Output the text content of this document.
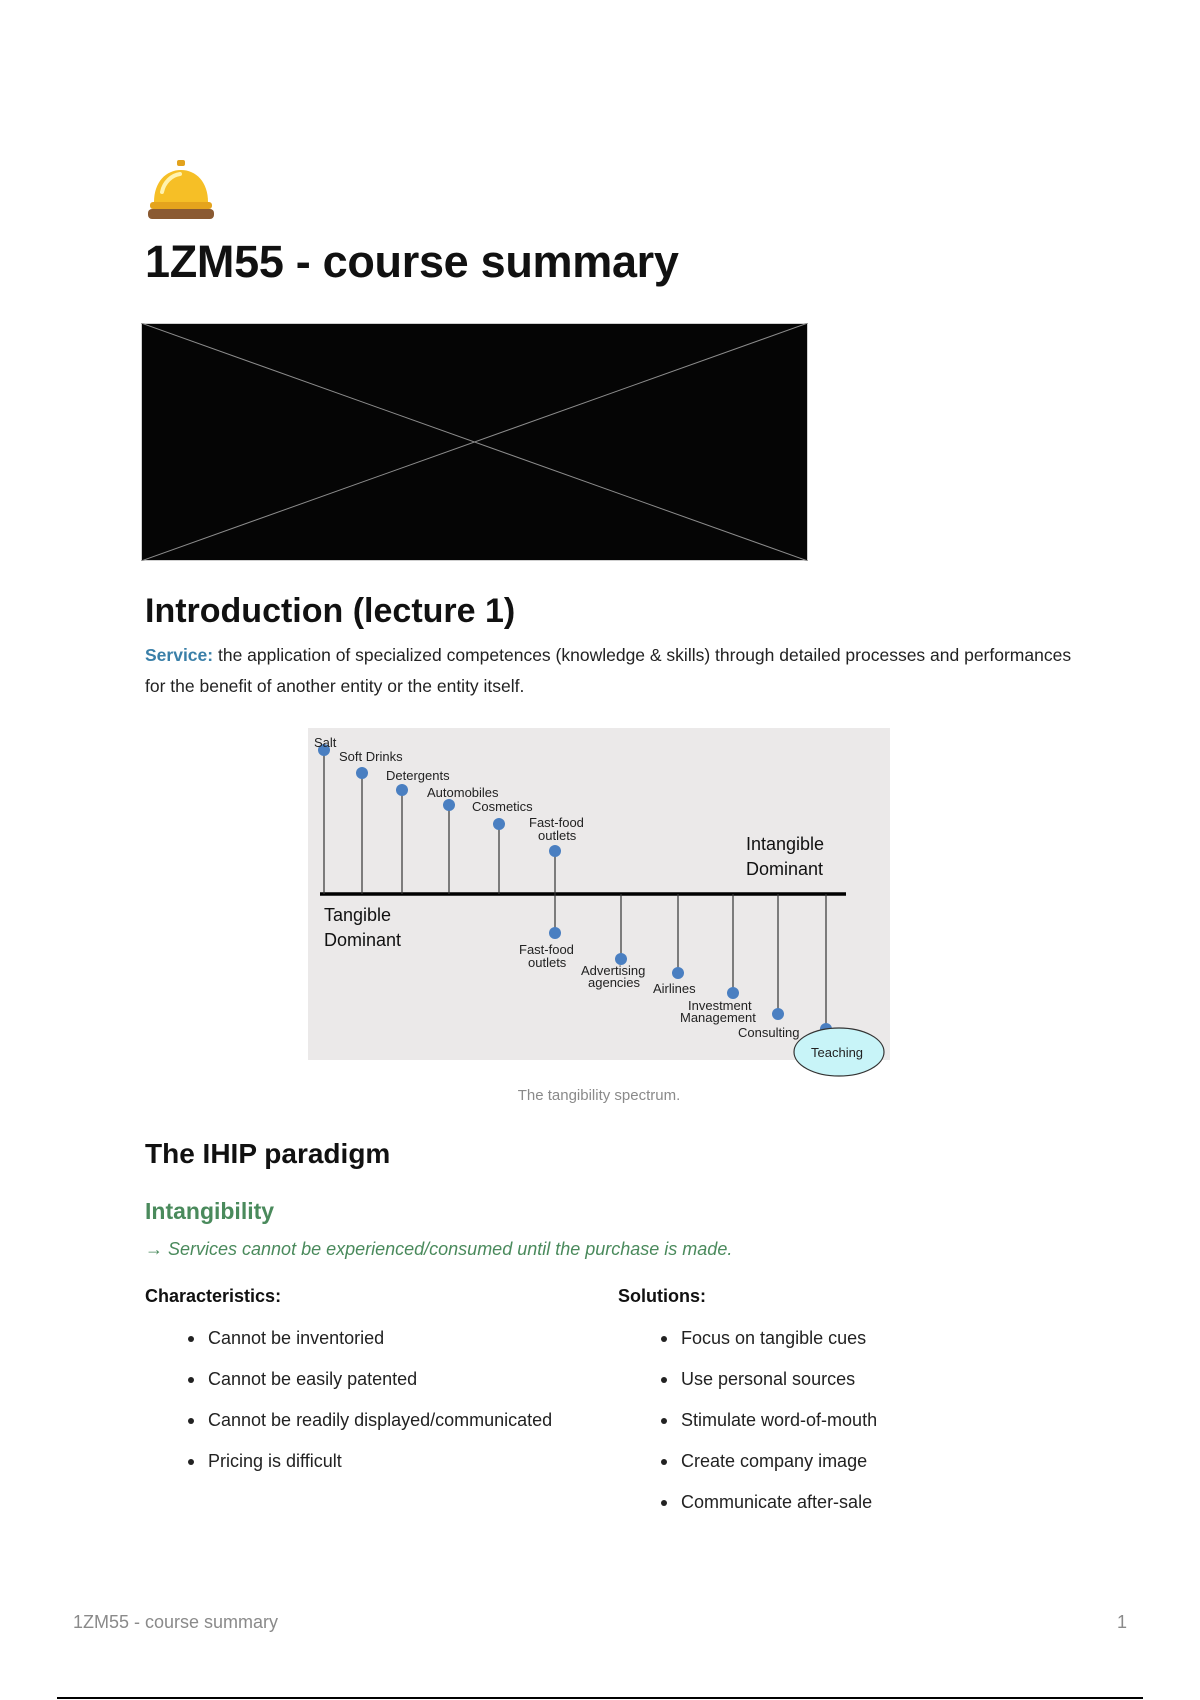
1ZM55 - course summary
Introduction (lecture 1)

Service: the application of specialized competences (knowledge & skills) through detailed processes and performances for the benefit of another entity or the entity itself.

Salt
Soft Drinks
Detergents
Automobiles
Cosmetics
Fast-food
outlets
Fast-food
outlets
Advertising
agencies Airlines
Investment
Management
Consulting
Teaching
Tangible
Dominant
Intangible
Dominant
The tangibility spectrum.
The IHIP paradigm
Intangibility

→ Services cannot be experienced/consumed until the purchase is made.

Characteristics:
Cannot be inventoried
Cannot be easily patented
Cannot be readily displayed/communicated
Pricing is difficult
Solutions:
Focus on tangible cues
Use personal sources
Stimulate word-of-mouth
Create company image
Communicate after-sale
1ZM55 - course summary	1
